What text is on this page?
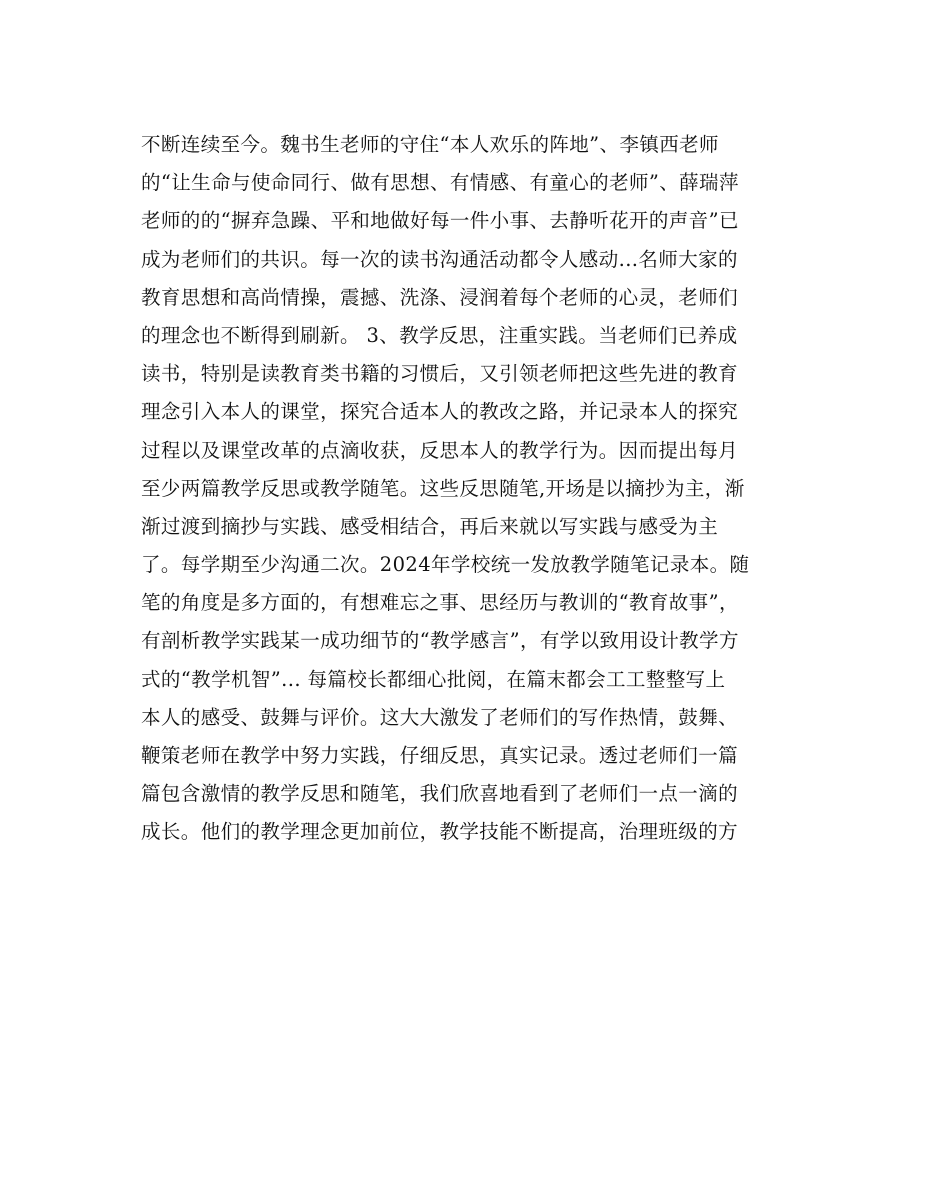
不断连续至今。魏书生老师的守住“本人欢乐的阵地”、李镇西老师
的“让生命与使命同行、做有思想、有情感、有童心的老师”、薛瑞萍
老师的的“摒弃急躁、平和地做好每一件小事、去静听花开的声音”已
成为老师们的共识。每一次的读书沟通活动都令人感动...名师大家的
教育思想和高尚情操，震撼、洗涤、浸润着每个老师的心灵，老师们
的理念也不断得到刷新。 3、教学反思，注重实践。当老师们已养成
读书，特别是读教育类书籍的习惯后，又引领老师把这些先进的教育
理念引入本人的课堂，探究合适本人的教改之路，并记录本人的探究
过程以及课堂改革的点滴收获，反思本人的教学行为。因而提出每月
至少两篇教学反思或教学随笔。这些反思随笔,开场是以摘抄为主，渐
渐过渡到摘抄与实践、感受相结合，再后来就以写实践与感受为主
了。每学期至少沟通二次。2024年学校统一发放教学随笔记录本。随
笔的角度是多方面的，有想难忘之事、思经历与教训的“教育故事”，
有剖析教学实践某一成功细节的“教学感言”，有学以致用设计教学方
式的“教学机智”... 每篇校长都细心批阅，在篇末都会工工整整写上
本人的感受、鼓舞与评价。这大大激发了老师们的写作热情，鼓舞、
鞭策老师在教学中努力实践，仔细反思，真实记录。透过老师们一篇
篇包含激情的教学反思和随笔，我们欣喜地看到了老师们一点一滴的
成长。他们的教学理念更加前位，教学技能不断提高，治理班级的方
